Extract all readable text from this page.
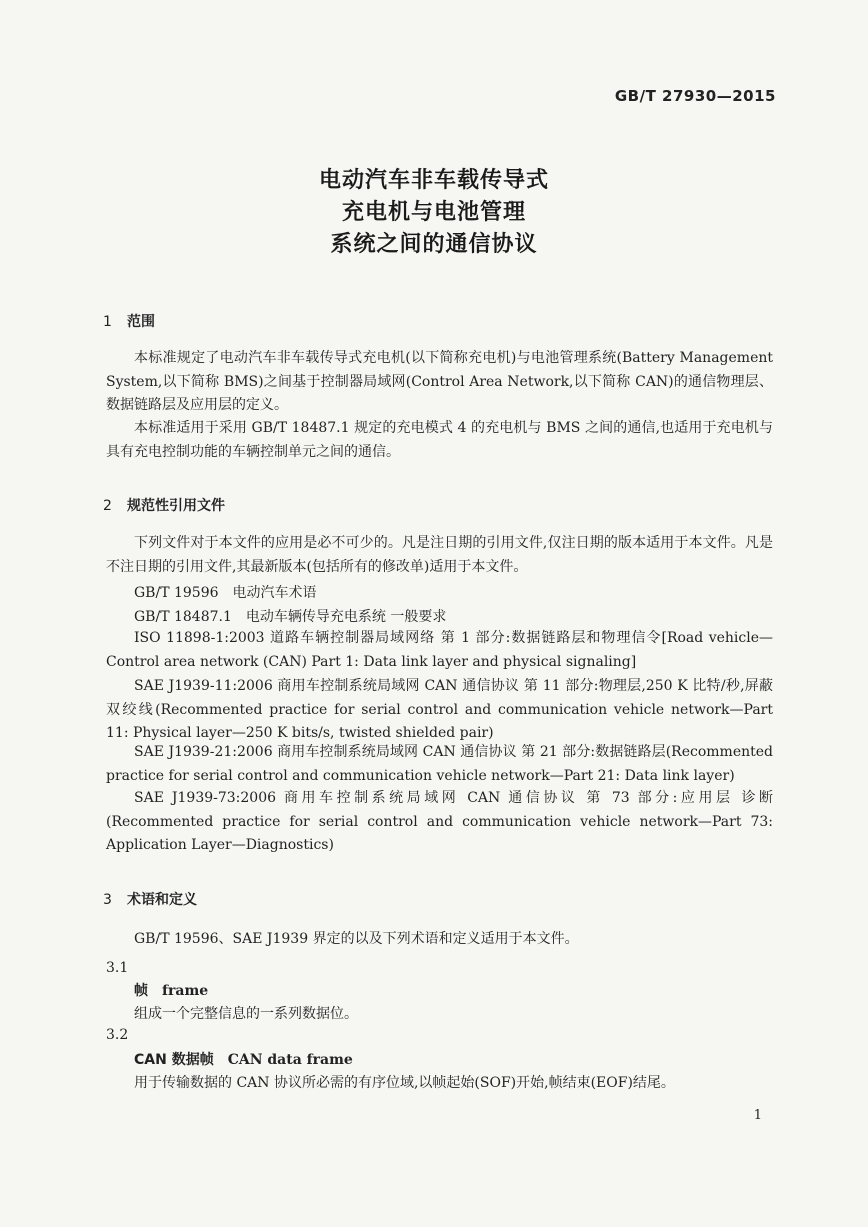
GB/T 27930—2015
电动汽车非车载传导式
充电机与电池管理
系统之间的通信协议
1 范围

本标准规定了电动汽车非车载传导式充电机(以下简称充电机)与电池管理系统(Battery Management System,以下简称 BMS)之间基于控制器局域网(Control Area Network,以下简称 CAN)的通信物理层、数据链路层及应用层的定义。

本标准适用于采用 GB/T 18487.1 规定的充电模式 4 的充电机与 BMS 之间的通信,也适用于充电机与具有充电控制功能的车辆控制单元之间的通信。

2 规范性引用文件

下列文件对于本文件的应用是必不可少的。凡是注日期的引用文件,仅注日期的版本适用于本文件。凡是不注日期的引用文件,其最新版本(包括所有的修改单)适用于本文件。

GB/T 19596 电动汽车术语
GB/T 18487.1 电动车辆传导充电系统 一般要求

ISO 11898-1:2003 道路车辆控制器局域网络 第 1 部分:数据链路层和物理信令[Road vehicle—Control area network (CAN) Part 1: Data link layer and physical signaling]

SAE J1939-11:2006 商用车控制系统局域网 CAN 通信协议 第 11 部分:物理层,250 K 比特/秒,屏蔽双绞线(Recommented practice for serial control and communication vehicle network—Part 11: Physical layer—250 K bits/s, twisted shielded pair)

SAE J1939-21:2006 商用车控制系统局域网 CAN 通信协议 第 21 部分:数据链路层(Recommented practice for serial control and communication vehicle network—Part 21: Data link layer)

SAE J1939-73:2006 商用车控制系统局域网 CAN 通信协议 第 73 部分:应用层 诊断(Recommented practice for serial control and communication vehicle network—Part 73: Application Layer—Diagnostics)

3 术语和定义

GB/T 19596、SAE J1939 界定的以及下列术语和定义适用于本文件。

3.1
帧 frame
组成一个完整信息的一系列数据位。
3.2
CAN 数据帧 CAN data frame
用于传输数据的 CAN 协议所必需的有序位域,以帧起始(SOF)开始,帧结束(EOF)结尾。
1
